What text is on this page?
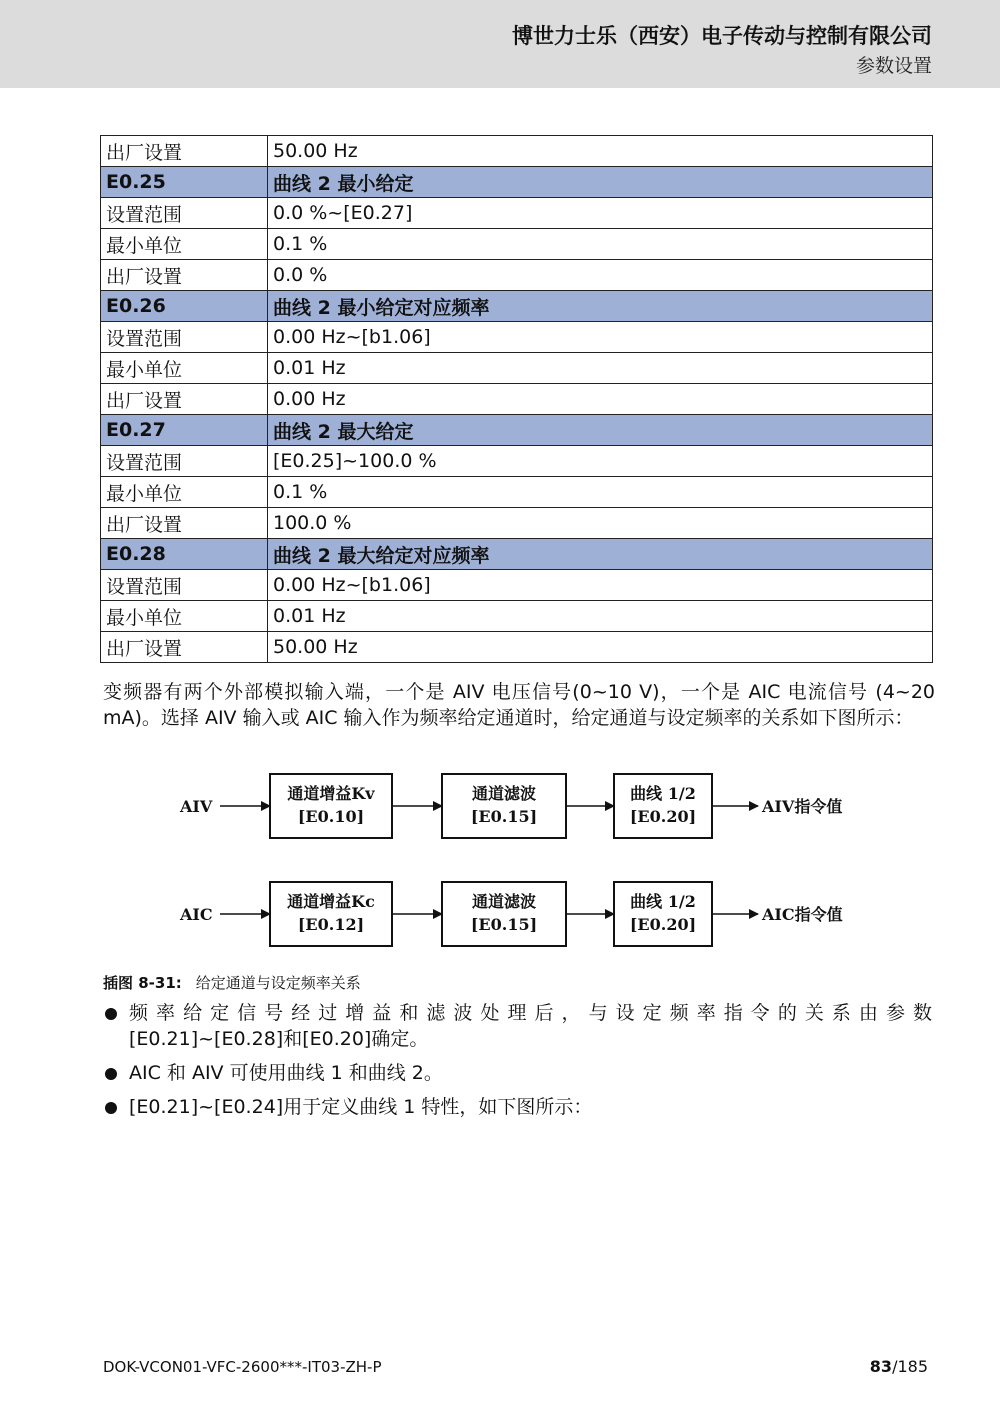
博世力士乐（西安）电子传动与控制有限公司
参数设置
出厂设置	50.00 Hz
E0.25	曲线 2 最小给定
设置范围	0.0 %~[E0.27]
最小单位	0.1 %
出厂设置	0.0 %
E0.26	曲线 2 最小给定对应频率
设置范围	0.00 Hz~[b1.06]
最小单位	0.01 Hz
出厂设置	0.00 Hz
E0.27	曲线 2 最大给定
设置范围	[E0.25]~100.0 %
最小单位	0.1 %
出厂设置	100.0 %
E0.28	曲线 2 最大给定对应频率
设置范围	0.00 Hz~[b1.06]
最小单位	0.01 Hz
出厂设置	50.00 Hz

变频器有两个外部模拟输入端，一个是 AIV 电压信号(0~10 V)，一个是 AIC 电流信号 (4~20 mA)。选择 AIV 输入或 AIC 输入作为频率给定通道时，给定通道与设定频率的关系如下图所示：

AIV
通道增益Kv
[E0.10]
通道滤波
[E0.15]
曲线 1/2
[E0.20]
AIV指令值
AIC
通道增益Kc
[E0.12]
通道滤波
[E0.15]
曲线 1/2
[E0.20]
AIC指令值
插图 8-31: 给定通道与设定频率关系
频率给定信号经过增益和滤波处理后，与设定频率指令的关系由参数
[E0.21]~[E0.28]和[E0.20]确定。
AIC 和 AIV 可使用曲线 1 和曲线 2。
[E0.21]~[E0.24]用于定义曲线 1 特性，如下图所示：
DOK-VCON01-VFC-2600***-IT03-ZH-P	83/185
